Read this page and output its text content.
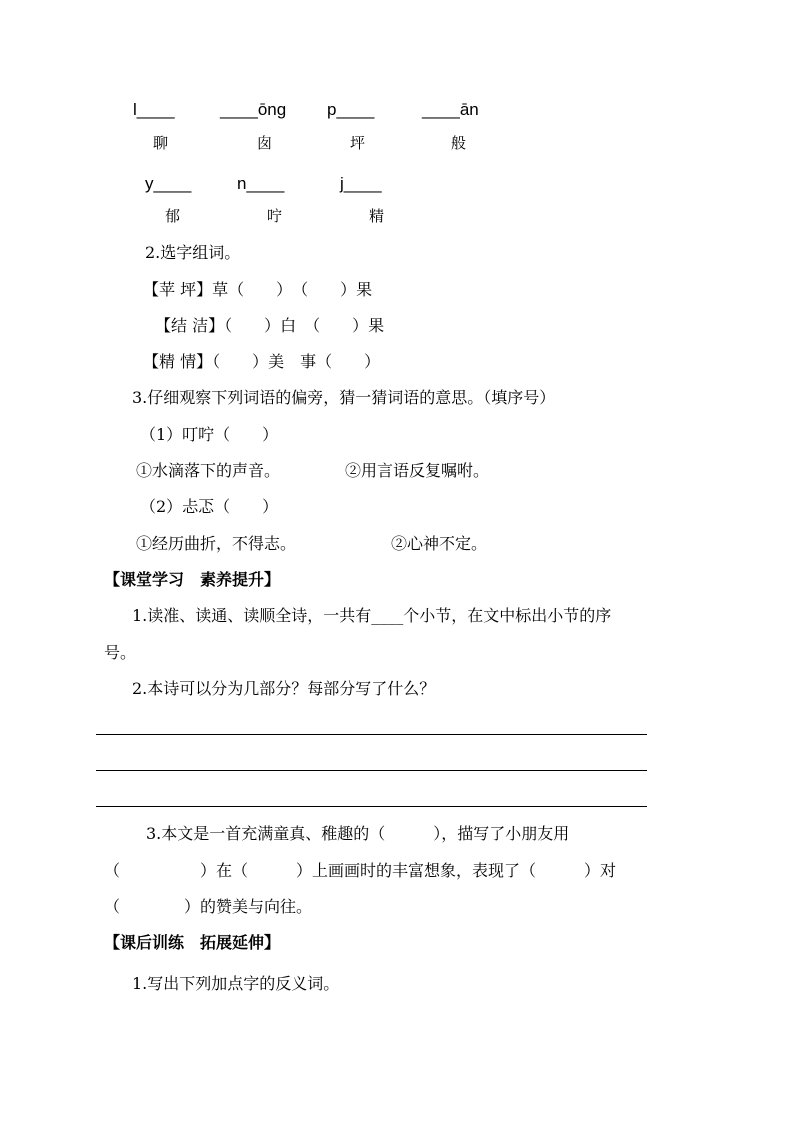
l____	____ōng p____	____ān
聊	囱	坪	般
y____	n____	j____
郁	咛	精
2.选字组词。
【苹 坪】草（　　）　（　　）果
【结 洁】（　　）白　（　　）果
【精 情】（　　）美　事（　　）
3.仔细观察下列词语的偏旁，猜一猜词语的意思。（填序号）
（1）叮咛（　　）
①水滴落下的声音。	②用言语反复嘱咐。
（2）忐忑（　　）
①经历曲折，不得志。	②心神不定。
【课堂学习　素养提升】
1.读准、读通、读顺全诗，一共有____个小节，在文中标出小节的序
号。
2.本诗可以分为几部分？每部分写了什么？
3.本文是一首充满童真、稚趣的（　　　），描写了小朋友用
（　　　　　）在（　　　）上画画时的丰富想象，表现了（　　　）对
（　　　　）的赞美与向往。
【课后训练　拓展延伸】
1.写出下列加点字的反义词。
